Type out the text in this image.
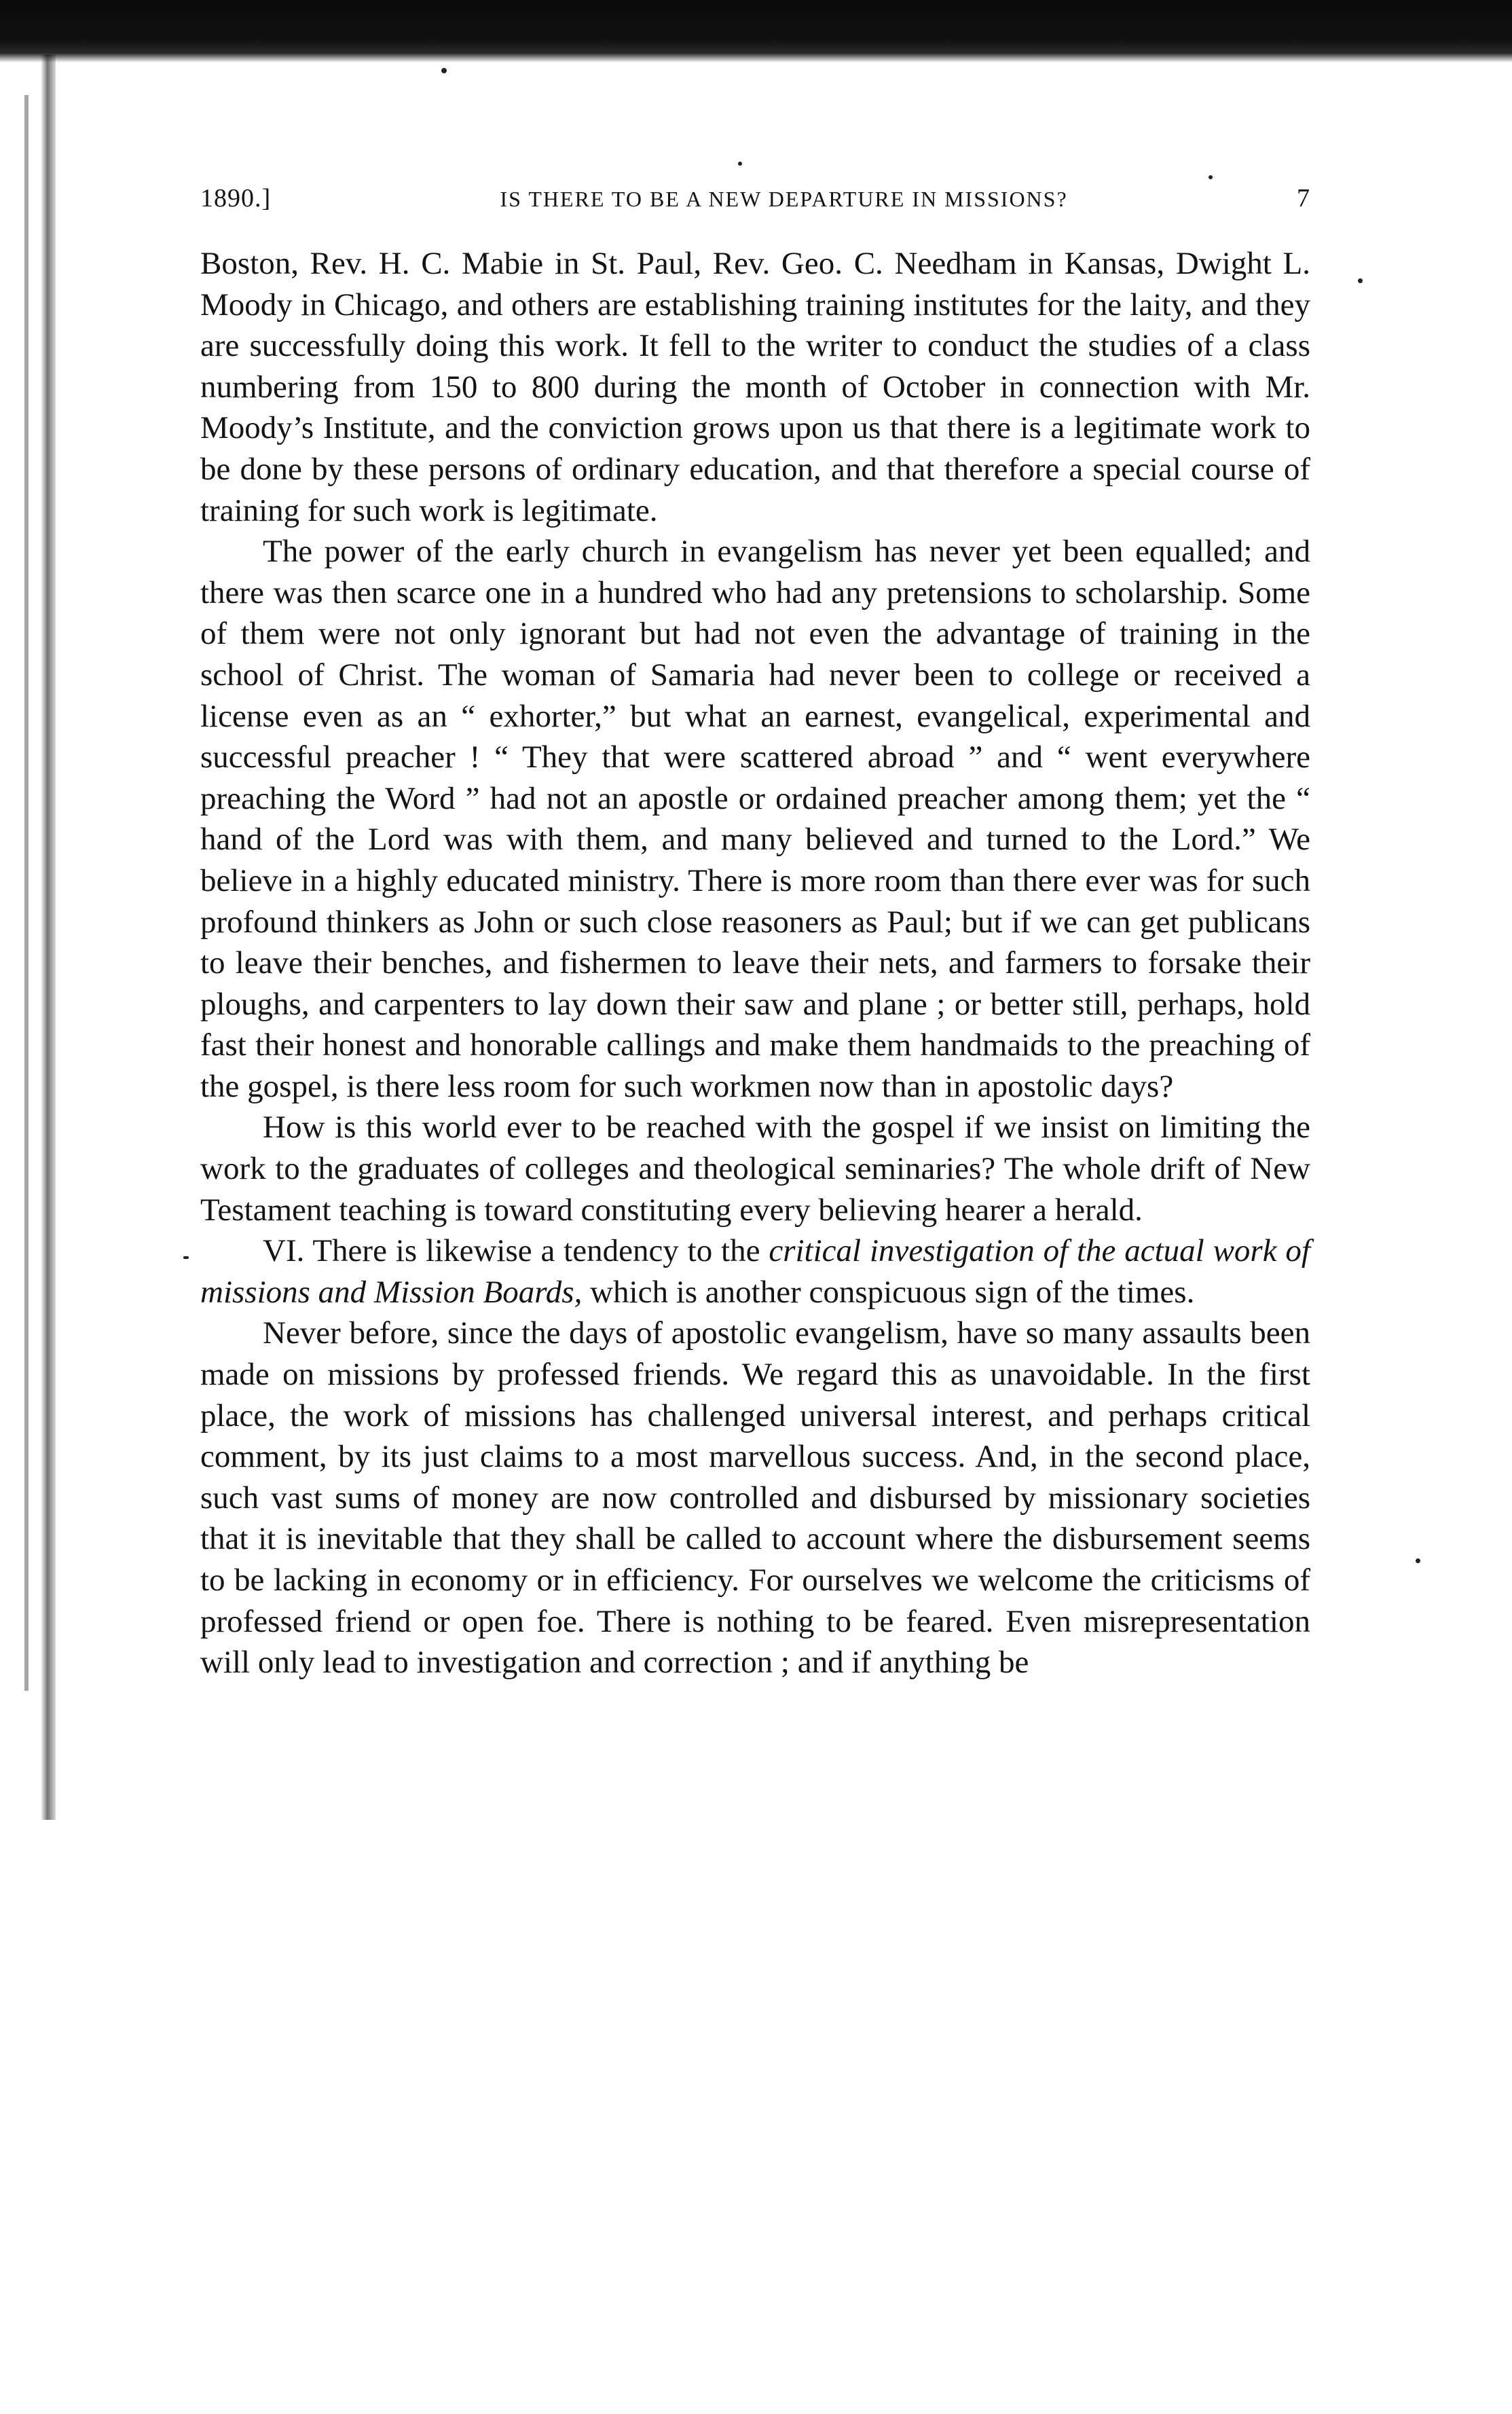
1890.]	IS THERE TO BE A NEW DEPARTURE IN MISSIONS?	7

Boston, Rev. H. C. Mabie in St. Paul, Rev. Geo. C. Needham in Kansas, Dwight L. Moody in Chicago, and others are establishing training institutes for the laity, and they are successfully doing this work. It fell to the writer to conduct the studies of a class numbering from 150 to 800 during the month of October in connection with Mr. Moody’s Institute, and the conviction grows upon us that there is a legitimate work to be done by these persons of ordinary education, and that therefore a special course of training for such work is legitimate.

The power of the early church in evangelism has never yet been equalled; and there was then scarce one in a hundred who had any pretensions to scholarship. Some of them were not only ignorant but had not even the advantage of training in the school of Christ. The woman of Samaria had never been to college or received a license even as an “ exhorter,” but what an earnest, evangelical, experimental and successful preacher ! “ They that were scattered abroad ” and “ went everywhere preaching the Word ” had not an apostle or ordained preacher among them; yet the “ hand of the Lord was with them, and many believed and turned to the Lord.” We believe in a highly educated ministry. There is more room than there ever was for such profound thinkers as John or such close reasoners as Paul; but if we can get publicans to leave their benches, and fishermen to leave their nets, and farmers to forsake their ploughs, and carpenters to lay down their saw and plane ; or better still, perhaps, hold fast their honest and honorable callings and make them handmaids to the preaching of the gospel, is there less room for such workmen now than in apostolic days?

How is this world ever to be reached with the gospel if we insist on limiting the work to the graduates of colleges and theological seminaries? The whole drift of New Testament teaching is toward constituting every believing hearer a herald.

VI. There is likewise a tendency to the critical investigation of the actual work of missions and Mission Boards, which is another conspicuous sign of the times.

Never before, since the days of apostolic evangelism, have so many assaults been made on missions by professed friends. We regard this as unavoidable. In the first place, the work of missions has challenged universal interest, and perhaps critical comment, by its just claims to a most marvellous success. And, in the second place, such vast sums of money are now controlled and disbursed by missionary societies that it is inevitable that they shall be called to account where the disbursement seems to be lacking in economy or in efficiency. For ourselves we welcome the criticisms of professed friend or open foe. There is nothing to be feared. Even misrepresentation will only lead to investigation and correction ; and if anything be
